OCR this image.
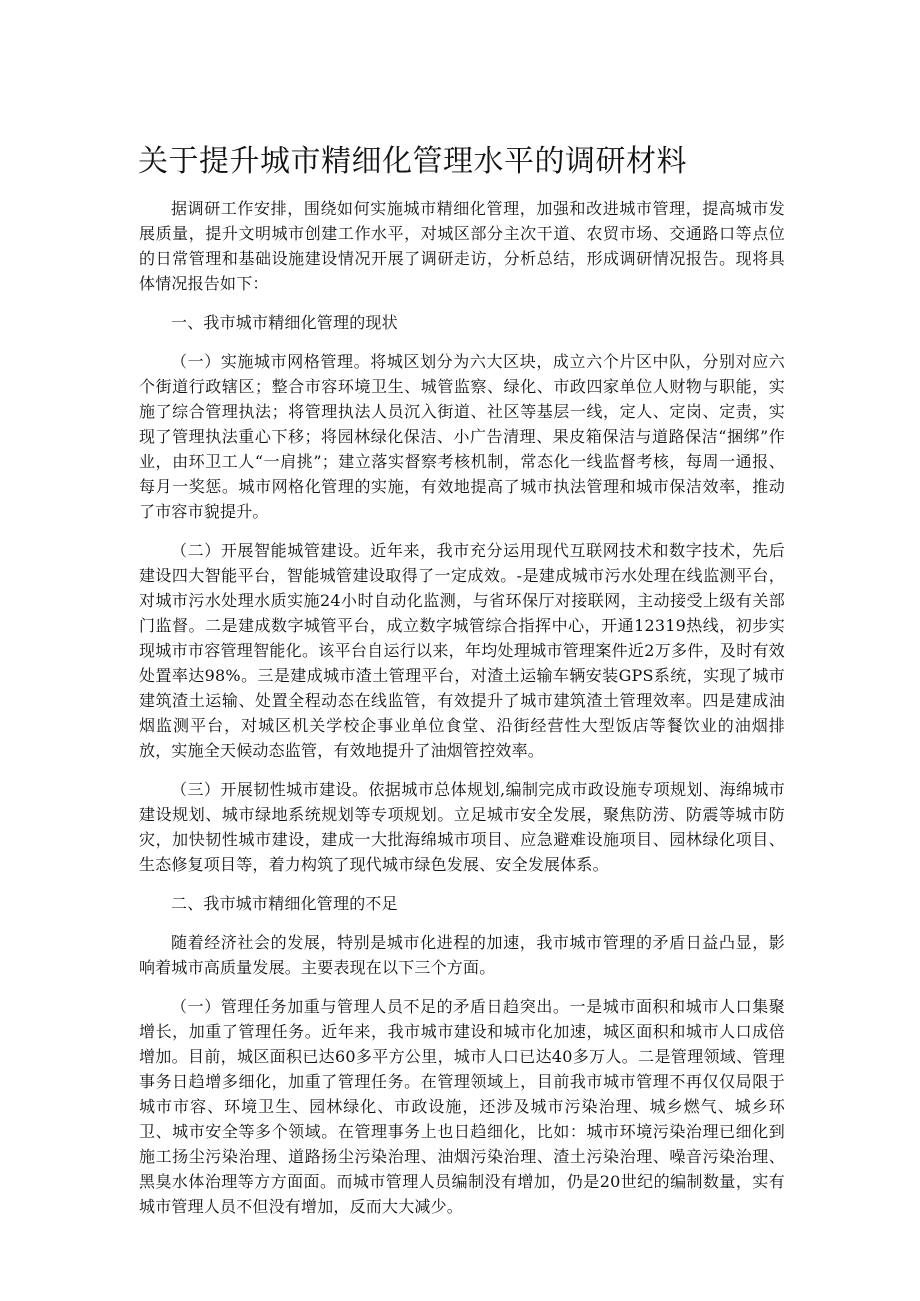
关于提升城市精细化管理水平的调研材料

据调研工作安排，围绕如何实施城市精细化管理，加强和改进城市管理，提高城市发展质量，提升文明城市创建工作水平，对城区部分主次干道、农贸市场、交通路口等点位的日常管理和基础设施建设情况开展了调研走访，分析总结，形成调研情况报告。现将具体情况报告如下：

一、我市城市精细化管理的现状

（一）实施城市网格管理。将城区划分为六大区块，成立六个片区中队，分别对应六个街道行政辖区；整合市容环境卫生、城管监察、绿化、市政四家单位人财物与职能，实施了综合管理执法；将管理执法人员沉入街道、社区等基层一线，定人、定岗、定责，实现了管理执法重心下移；将园林绿化保洁、小广告清理、果皮箱保洁与道路保洁“捆绑”作业，由环卫工人“一肩挑”；建立落实督察考核机制，常态化一线监督考核，每周一通报、每月一奖惩。城市网格化管理的实施，有效地提高了城市执法管理和城市保洁效率，推动了市容市貌提升。

（二）开展智能城管建设。近年来，我市充分运用现代互联网技术和数字技术，先后建设四大智能平台，智能城管建设取得了一定成效。-是建成城市污水处理在线监测平台，对城市污水处理水质实施24小时自动化监测，与省环保厅对接联网，主动接受上级有关部门监督。二是建成数字城管平台，成立数字城管综合指挥中心，开通12319热线，初步实现城市市容管理智能化。该平台自运行以来，年均处理城市管理案件近2万多件，及时有效处置率达98%。三是建成城市渣土管理平台，对渣土运输车辆安装GPS系统，实现了城市建筑渣土运输、处置全程动态在线监管，有效提升了城市建筑渣土管理效率。四是建成油烟监测平台，对城区机关学校企事业单位食堂、沿街经营性大型饭店等餐饮业的油烟排放，实施全天候动态监管，有效地提升了油烟管控效率。

（三）开展韧性城市建设。依据城市总体规划,编制完成市政设施专项规划、海绵城市建设规划、城市绿地系统规划等专项规划。立足城市安全发展，聚焦防涝、防震等城市防灾，加快韧性城市建设，建成一大批海绵城市项目、应急避难设施项目、园林绿化项目、生态修复项目等，着力构筑了现代城市绿色发展、安全发展体系。

二、我市城市精细化管理的不足

随着经济社会的发展，特别是城市化进程的加速，我市城市管理的矛盾日益凸显，影响着城市高质量发展。主要表现在以下三个方面。

（一）管理任务加重与管理人员不足的矛盾日趋突出。一是城市面积和城市人口集聚增长，加重了管理任务。近年来，我市城市建设和城市化加速，城区面积和城市人口成倍增加。目前，城区面积已达60多平方公里，城市人口已达40多万人。二是管理领域、管理事务日趋增多细化，加重了管理任务。在管理领域上，目前我市城市管理不再仅仅局限于城市市容、环境卫生、园林绿化、市政设施，还涉及城市污染治理、城乡燃气、城乡环卫、城市安全等多个领域。在管理事务上也日趋细化，比如：城市环境污染治理已细化到施工扬尘污染治理、道路扬尘污染治理、油烟污染治理、渣土污染治理、噪音污染治理、黑臭水体治理等方方面面。而城市管理人员编制没有增加，仍是20世纪的编制数量，实有城市管理人员不但没有增加，反而大大减少。
